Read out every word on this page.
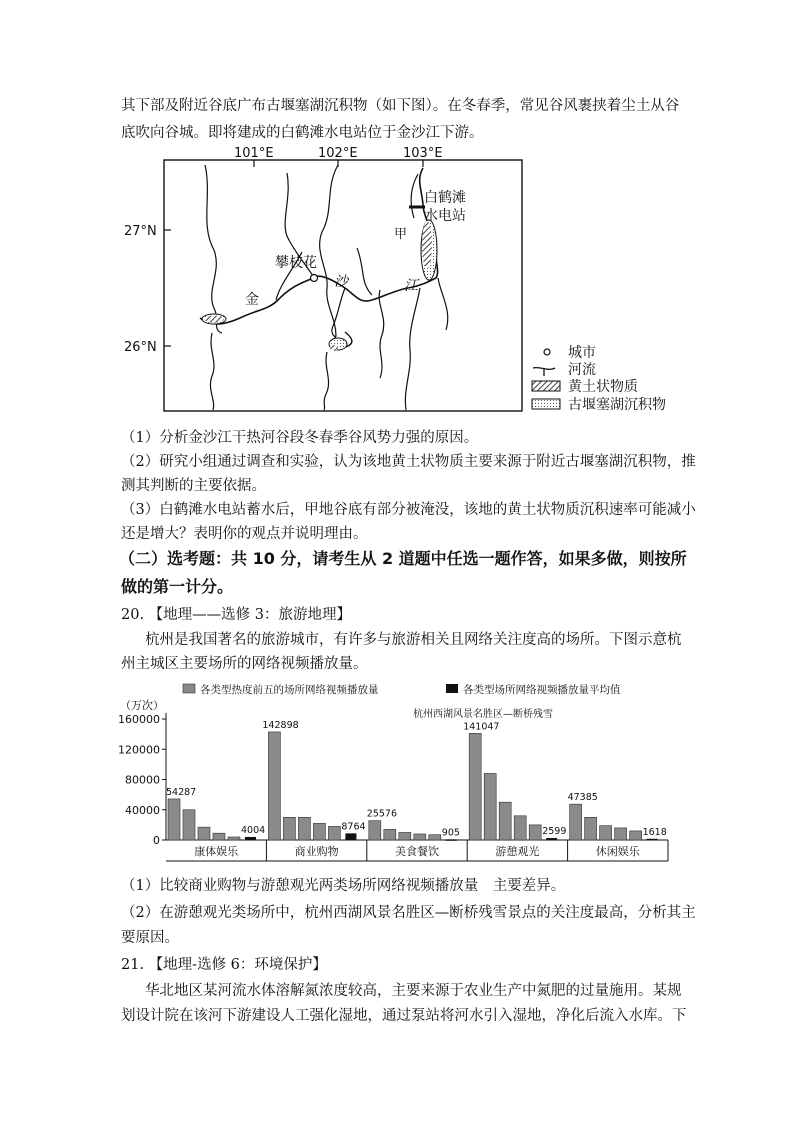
其下部及附近谷底广布古堰塞湖沉积物（如下图）。在冬春季，常见谷风裹挟着尘土从谷
底吹向谷城。即将建成的白鹤滩水电站位于金沙江下游。
101°E	102°E	103°E
27°N
26°N
白鹤滩
水电站
甲
攀枝花
金
沙	江
城市
河流
黄土状物质
古堰塞湖沉积物
（1）分析金沙江干热河谷段冬春季谷风势力强的原因。
（2）研究小组通过调查和实验，认为该地黄土状物质主要来源于附近古堰塞湖沉积物，推
测其判断的主要依据。
（3）白鹤滩水电站蓄水后，甲地谷底有部分被淹没，该地的黄土状物质沉积速率可能减小
还是增大？表明你的观点并说明理由。
（二）选考题：共 10 分，请考生从 2 道题中任选一题作答，如果多做，则按所
做的第一计分。
20. 【地理——选修 3：旅游地理】
杭州是我国著名的旅游城市，有许多与旅游相关且网络关注度高的场所。下图示意杭
州主城区主要场所的网络视频播放量。
（万次）
各类型热度前五的场所网络视频播放量	各类型场所网络视频播放量平均值
杭州西湖风景名胜区—断桥残雪
0
40000
80000
120000
160000
康体娱乐
54287
4004
商业购物
142898
8764
美食餐饮
25576
905
游憩观光
141047
2599
休闲娱乐
47385
1618
（1）比较商业购物与游憩观光两类场所网络视频播放量　主要差异。
（2）在游憩观光类场所中，杭州西湖风景名胜区—断桥残雪景点的关注度最高，分析其主
要原因。
21. 【地理-选修 6：环境保护】
华北地区某河流水体溶解氮浓度较高，主要来源于农业生产中氮肥的过量施用。某规
划设计院在该河下游建设人工强化湿地，通过泵站将河水引入湿地，净化后流入水库。下
